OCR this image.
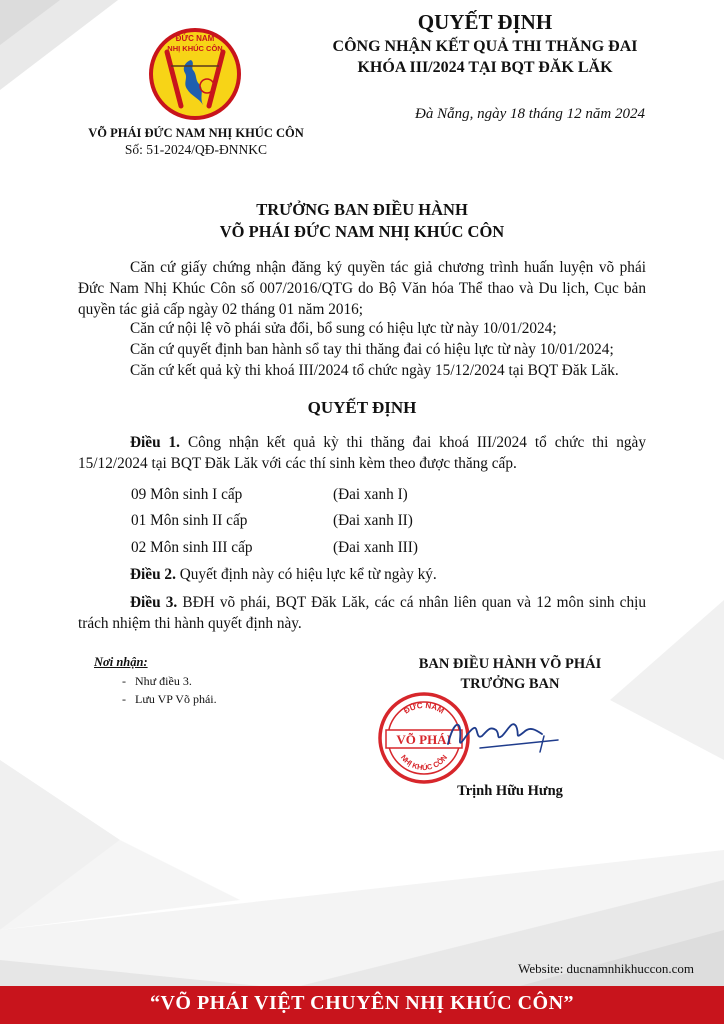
ĐỨC NAM
NHỊ KHÚC CÔN
VÕ PHÁI ĐỨC NAM NHỊ KHÚC CÔN
Số: 51-2024/QĐ-ĐNNKC
QUYẾT ĐỊNH
CÔNG NHẬN KẾT QUẢ THI THĂNG ĐAI
KHÓA III/2024 TẠI BQT ĐĂK LĂK
Đà Nẵng, ngày 18 tháng 12 năm 2024
TRƯỞNG BAN ĐIỀU HÀNH
VÕ PHÁI ĐỨC NAM NHỊ KHÚC CÔN
Căn cứ giấy chứng nhận đăng ký quyền tác giả chương trình huấn luyện võ phái Đức Nam Nhị Khúc Côn số 007/2016/QTG do Bộ Văn hóa Thể thao và Du lịch, Cục bản quyền tác giả cấp ngày 02 tháng 01 năm 2016;
Căn cứ nội lệ võ phái sửa đổi, bổ sung có hiệu lực từ này 10/01/2024;
Căn cứ quyết định ban hành sổ tay thi thăng đai có hiệu lực từ này 10/01/2024;
Căn cứ kết quả kỳ thi khoá III/2024 tổ chức ngày 15/12/2024 tại BQT Đăk Lăk.
QUYẾT ĐỊNH
Điều 1. Công nhận kết quả kỳ thi thăng đai khoá III/2024 tổ chức thi ngày 15/12/2024 tại BQT Đăk Lăk với các thí sinh kèm theo được thăng cấp.
09 Môn sinh I cấp	(Đai xanh I)
01 Môn sinh II cấp	(Đai xanh II)
02 Môn sinh III cấp	(Đai xanh III)
Điều 2. Quyết định này có hiệu lực kể từ ngày ký.
Điều 3. BĐH võ phái, BQT Đăk Lăk, các cá nhân liên quan và 12 môn sinh chịu trách nhiệm thi hành quyết định này.
Nơi nhận:
-   Như điều 3.
-   Lưu VP Võ phái.
BAN ĐIỀU HÀNH VÕ PHÁI
TRƯỞNG BAN
ĐỨC NAM
NHỊ KHÚC CÔN
VÕ PHÁI
Trịnh Hữu Hưng
Website: ducnamnhikhuccon.com
“VÕ PHÁI VIỆT CHUYÊN NHỊ KHÚC CÔN”
